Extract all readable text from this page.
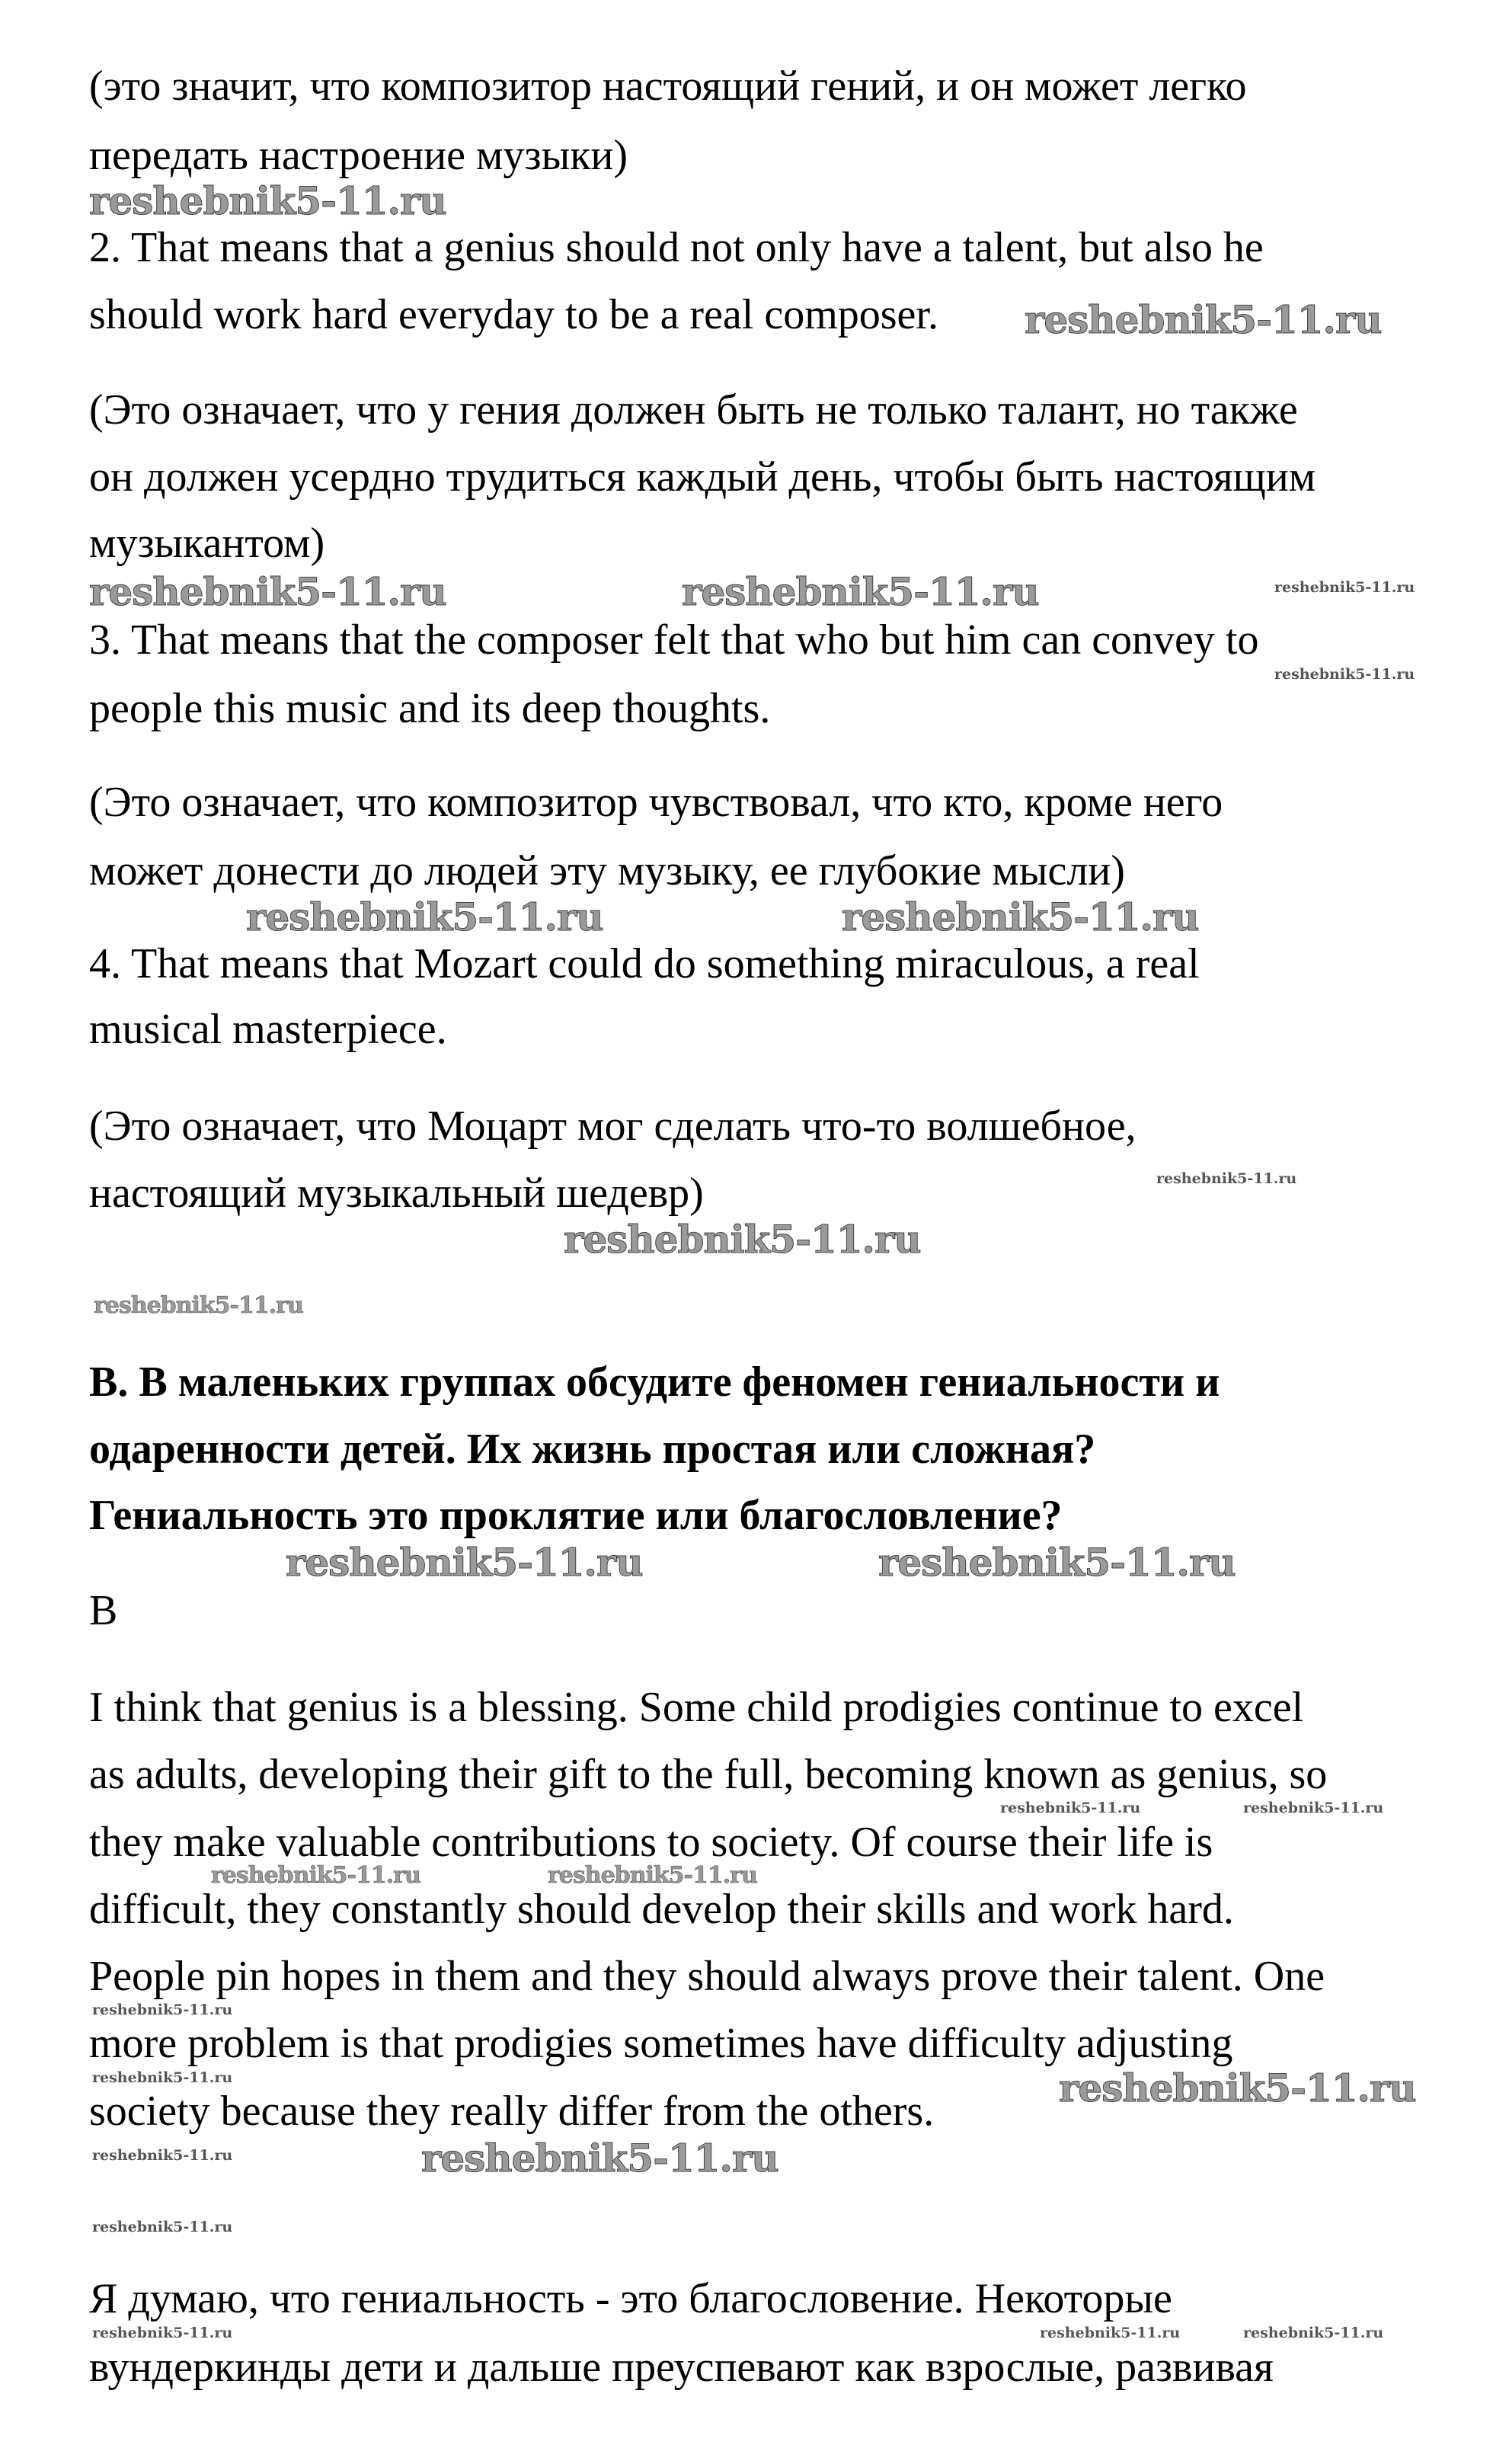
(это значит, что композитор настоящий гений, и он может легко
передать настроение музыки)
2. That means that a genius should not only have a talent, but also he
should work hard everyday to be a real composer.
(Это означает, что у гения должен быть не только талант, но также
он должен усердно трудиться каждый день, чтобы быть настоящим
музыкантом)
3. That means that the composer felt that who but him can convey to
people this music and its deep thoughts.
(Это означает, что композитор чувствовал, что кто, кроме него
может донести до людей эту музыку, ее глубокие мысли)
4. That means that Mozart could do something miraculous, a real
musical masterpiece.
(Это означает, что Моцарт мог сделать что-то волшебное,
настоящий музыкальный шедевр)
B. В маленьких группах обсудите феномен гениальности и
одаренности детей. Их жизнь простая или сложная?
Гениальность это проклятие или благословление?
B
I think that genius is a blessing. Some child prodigies continue to excel
as adults, developing their gift to the full, becoming known as genius, so
they make valuable contributions to society. Of course their life is
difficult, they constantly should develop their skills and work hard.
People pin hopes in them and they should always prove their talent. One
more problem is that prodigies sometimes have difficulty adjusting
society because they really differ from the others.
Я думаю, что гениальность - это благословение. Некоторые
вундеркинды дети и дальше преуспевают как взрослые, развивая
reshebnik5-11.ru
reshebnik5-11.ru
reshebnik5-11.ru	reshebnik5-11.ru	reshebnik5-11.ru
reshebnik5-11.ru
reshebnik5-11.ru	reshebnik5-11.ru
reshebnik5-11.ru
reshebnik5-11.ru
reshebnik5-11.ru
reshebnik5-11.ru	reshebnik5-11.ru
reshebnik5-11.ru	reshebnik5-11.ru
reshebnik5-11.ru	reshebnik5-11.ru
reshebnik5-11.ru
reshebnik5-11.ru	reshebnik5-11.ru
reshebnik5-11.ru	reshebnik5-11.ru
reshebnik5-11.ru
reshebnik5-11.ru	reshebnik5-11.ru	reshebnik5-11.ru
